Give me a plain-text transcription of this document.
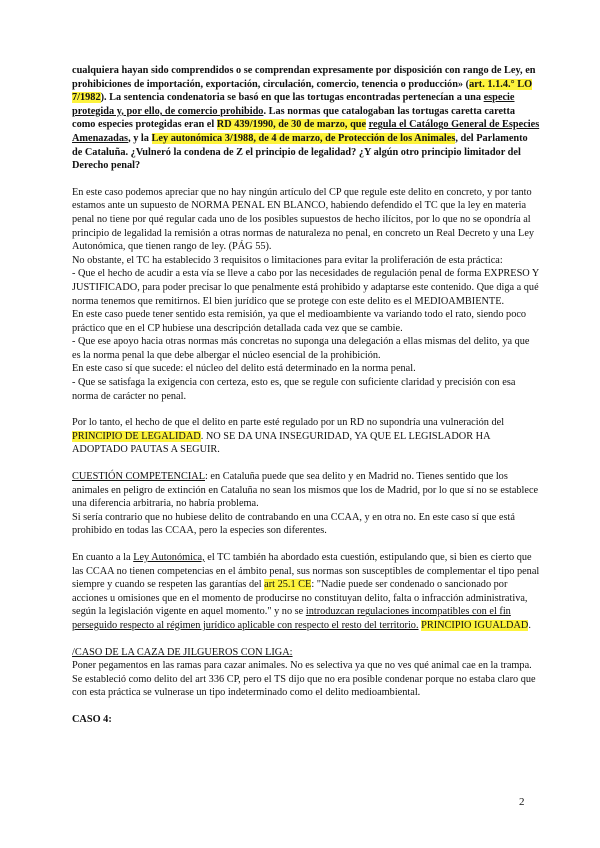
cualquiera hayan sido comprendidos o se comprendan expresamente por disposición con rango de Ley, en prohibiciones de importación, exportación, circulación, comercio, tenencia o producción» (art. 1.1.4.° LO 7/1982). La sentencia condenatoria se basó en que las tortugas encontradas pertenecían a una especie protegida y, por ello, de comercio prohibido. Las normas que catalogaban las tortugas caretta caretta como especies protegidas eran el RD 439/1990, de 30 de marzo, que regula el Catálogo General de Especies Amenazadas, y la Ley autonómica 3/1988, de 4 de marzo, de Protección de los Animales, del Parlamento de Cataluña. ¿Vulneró la condena de Z el principio de legalidad? ¿Y algún otro principio limitador del Derecho penal?

En este caso podemos apreciar que no hay ningún artículo del CP que regule este delito en concreto, y por tanto estamos ante un supuesto de NORMA PENAL EN BLANCO, habiendo defendido el TC que la ley en materia penal no tiene por qué regular cada uno de los posibles supuestos de hecho ilícitos, por lo que no se opondría al principio de legalidad la remisión a otras normas de naturaleza no penal, en concreto un Real Decreto y una Ley Autonómica, que tienen rango de ley. (PÁG 55).

No obstante, el TC ha establecido 3 requisitos o limitaciones para evitar la proliferación de esta práctica:

- Que el hecho de acudir a esta vía se lleve a cabo por las necesidades de regulación penal de forma EXPRESO Y JUSTIFICADO, para poder precisar lo que penalmente está prohibido y adaptarse este contenido. Que diga a qué norma tenemos que remitirnos. El bien jurídico que se protege con este delito es el MEDIOAMBIENTE.

En este caso puede tener sentido esta remisión, ya que el medioambiente va variando todo el rato, siendo poco práctico que en el CP hubiese una descripción detallada cada vez que se cambie.

- Que ese apoyo hacia otras normas más concretas no suponga una delegación a ellas mismas del delito, ya que es la norma penal la que debe albergar el núcleo esencial de la prohibición.

En este caso sí que sucede: el núcleo del delito está determinado en la norma penal.

- Que se satisfaga la exigencia con certeza, esto es, que se regule con suficiente claridad y precisión con esa norma de carácter no penal.

Por lo tanto, el hecho de que el delito en parte esté regulado por un RD no supondría una vulneración del PRINCIPIO DE LEGALIDAD. NO SE DA UNA INSEGURIDAD, YA QUE EL LEGISLADOR HA ADOPTADO PAUTAS A SEGUIR.

CUESTIÓN COMPETENCIAL: en Cataluña puede que sea delito y en Madrid no. Tienes sentido que los animales en peligro de extinción en Cataluña no sean los mismos que los de Madrid, por lo que sí no se establece una diferencia arbitraria, no habría problema.

Si sería contrario que no hubiese delito de contrabando en una CCAA, y en otra no. En este caso sí que está prohibido en todas las CCAA, pero la especies son diferentes.

En cuanto a la Ley Autonómica, el TC también ha abordado esta cuestión, estipulando que, si bien es cierto que las CCAA no tienen competencias en el ámbito penal, sus normas son susceptibles de complementar el tipo penal siempre y cuando se respeten las garantías del art 25.1 CE: "Nadie puede ser condenado o sancionado por acciones u omisiones que en el momento de producirse no constituyan delito, falta o infracción administrativa, según la legislación vigente en aquel momento." y no se introduzcan regulaciones incompatibles con el fin perseguido respecto al régimen jurídico aplicable con respecto el resto del territorio. PRINCIPIO IGUALDAD.

/CASO DE LA CAZA DE JILGUEROS CON LIGA:

Poner pegamentos en las ramas para cazar animales. No es selectiva ya que no ves qué animal cae en la trampa. Se estableció como delito del art 336 CP, pero el TS dijo que no era posible condenar porque no estaba claro que con esta práctica se vulnerase un tipo indeterminado como el delito medioambiental.

CASO 4:

2
